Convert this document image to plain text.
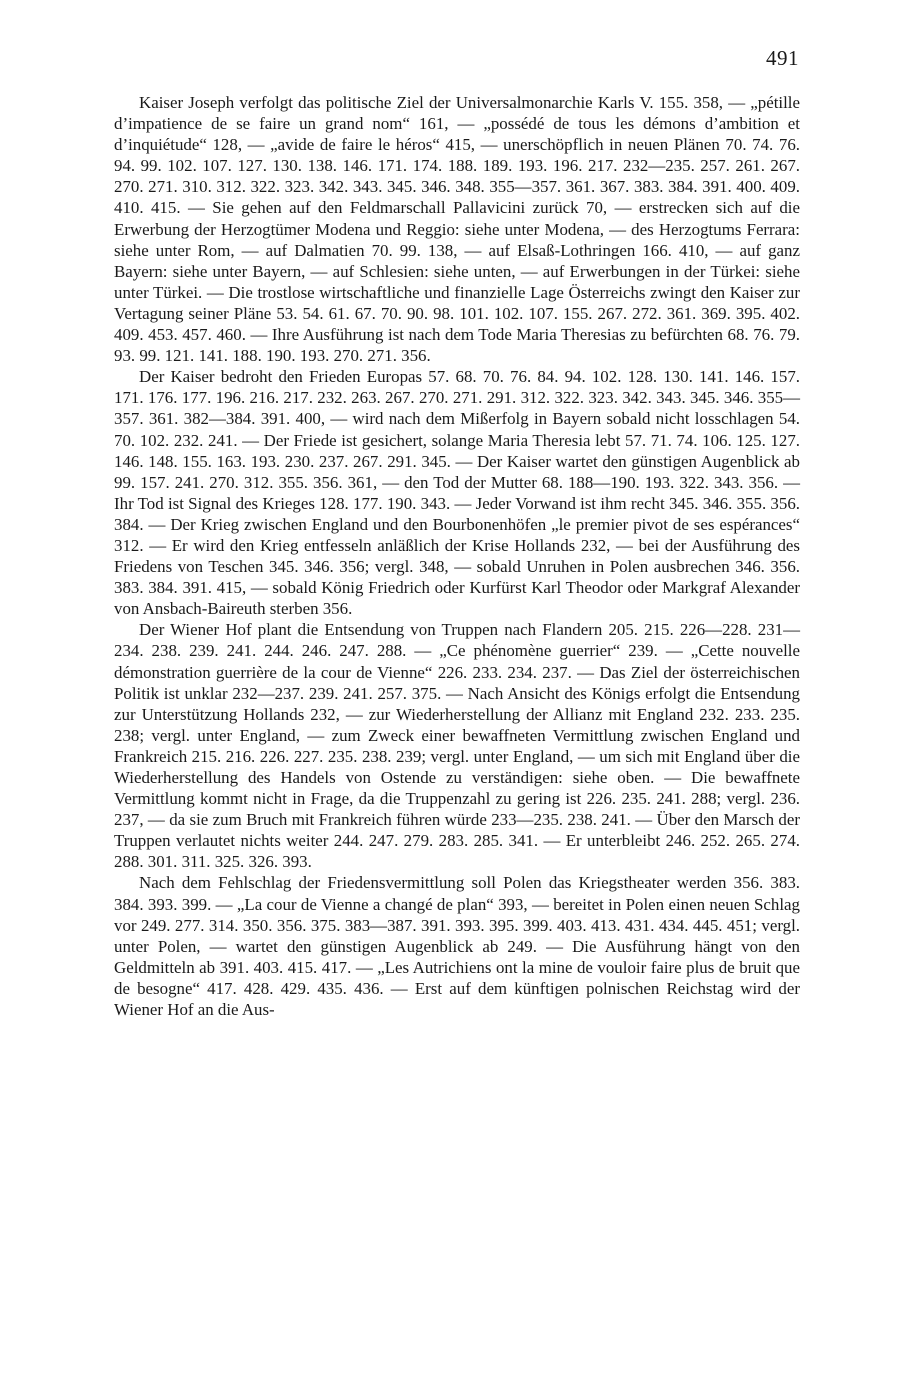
491

Kaiser Joseph verfolgt das politische Ziel der Universalmonarchie Karls V. 155. 358, — „pétille d’impatience de se faire un grand nom“ 161, — „possédé de tous les démons d’ambition et d’inquiétude“ 128, — „avide de faire le héros“ 415, — unerschöpflich in neuen Plänen 70. 74. 76. 94. 99. 102. 107. 127. 130. 138. 146. 171. 174. 188. 189. 193. 196. 217. 232—235. 257. 261. 267. 270. 271. 310. 312. 322. 323. 342. 343. 345. 346. 348. 355—357. 361. 367. 383. 384. 391. 400. 409. 410. 415. — Sie gehen auf den Feldmarschall Pallavicini zurück 70, — erstrecken sich auf die Erwerbung der Herzogtümer Modena und Reggio: siehe unter Modena, — des Herzogtums Ferrara: siehe unter Rom, — auf Dalmatien 70. 99. 138, — auf Elsaß-Lothringen 166. 410, — auf ganz Bayern: siehe unter Bayern, — auf Schlesien: siehe unten, — auf Erwerbungen in der Türkei: siehe unter Türkei. — Die trostlose wirtschaftliche und finanzielle Lage Österreichs zwingt den Kaiser zur Vertagung seiner Pläne 53. 54. 61. 67. 70. 90. 98. 101. 102. 107. 155. 267. 272. 361. 369. 395. 402. 409. 453. 457. 460. — Ihre Ausführung ist nach dem Tode Maria Theresias zu befürchten 68. 76. 79. 93. 99. 121. 141. 188. 190. 193. 270. 271. 356.

Der Kaiser bedroht den Frieden Europas 57. 68. 70. 76. 84. 94. 102. 128. 130. 141. 146. 157. 171. 176. 177. 196. 216. 217. 232. 263. 267. 270. 271. 291. 312. 322. 323. 342. 343. 345. 346. 355—357. 361. 382—384. 391. 400, — wird nach dem Mißerfolg in Bayern sobald nicht losschlagen 54. 70. 102. 232. 241. — Der Friede ist gesichert, solange Maria Theresia lebt 57. 71. 74. 106. 125. 127. 146. 148. 155. 163. 193. 230. 237. 267. 291. 345. — Der Kaiser wartet den günstigen Augenblick ab 99. 157. 241. 270. 312. 355. 356. 361, — den Tod der Mutter 68. 188—190. 193. 322. 343. 356. — Ihr Tod ist Signal des Krieges 128. 177. 190. 343. — Jeder Vorwand ist ihm recht 345. 346. 355. 356. 384. — Der Krieg zwischen England und den Bourbonenhöfen „le premier pivot de ses espérances“ 312. — Er wird den Krieg entfesseln anläßlich der Krise Hollands 232, — bei der Ausführung des Friedens von Teschen 345. 346. 356; vergl. 348, — sobald Unruhen in Polen ausbrechen 346. 356. 383. 384. 391. 415, — sobald König Friedrich oder Kurfürst Karl Theodor oder Markgraf Alexander von Ansbach-Baireuth sterben 356.

Der Wiener Hof plant die Entsendung von Truppen nach Flandern 205. 215. 226—228. 231—234. 238. 239. 241. 244. 246. 247. 288. — „Ce phénomène guerrier“ 239. — „Cette nouvelle démonstration guerrière de la cour de Vienne“ 226. 233. 234. 237. — Das Ziel der österreichischen Politik ist unklar 232—237. 239. 241. 257. 375. — Nach Ansicht des Königs erfolgt die Entsendung zur Unterstützung Hollands 232, — zur Wiederherstellung der Allianz mit England 232. 233. 235. 238; vergl. unter England, — zum Zweck einer bewaffneten Vermittlung zwischen England und Frankreich 215. 216. 226. 227. 235. 238. 239; vergl. unter England, — um sich mit England über die Wiederherstellung des Handels von Ostende zu verständigen: siehe oben. — Die bewaffnete Vermittlung kommt nicht in Frage, da die Truppenzahl zu gering ist 226. 235. 241. 288; vergl. 236. 237, — da sie zum Bruch mit Frankreich führen würde 233—235. 238. 241. — Über den Marsch der Truppen verlautet nichts weiter 244. 247. 279. 283. 285. 341. — Er unterbleibt 246. 252. 265. 274. 288. 301. 311. 325. 326. 393.

Nach dem Fehlschlag der Friedensvermittlung soll Polen das Kriegstheater werden 356. 383. 384. 393. 399. — „La cour de Vienne a changé de plan“ 393, — bereitet in Polen einen neuen Schlag vor 249. 277. 314. 350. 356. 375. 383—387. 391. 393. 395. 399. 403. 413. 431. 434. 445. 451; vergl. unter Polen, — wartet den günstigen Augenblick ab 249. — Die Ausführung hängt von den Geldmitteln ab 391. 403. 415. 417. — „Les Autrichiens ont la mine de vouloir faire plus de bruit que de besogne“ 417. 428. 429. 435. 436. — Erst auf dem künftigen polnischen Reichstag wird der Wiener Hof an die Aus-
